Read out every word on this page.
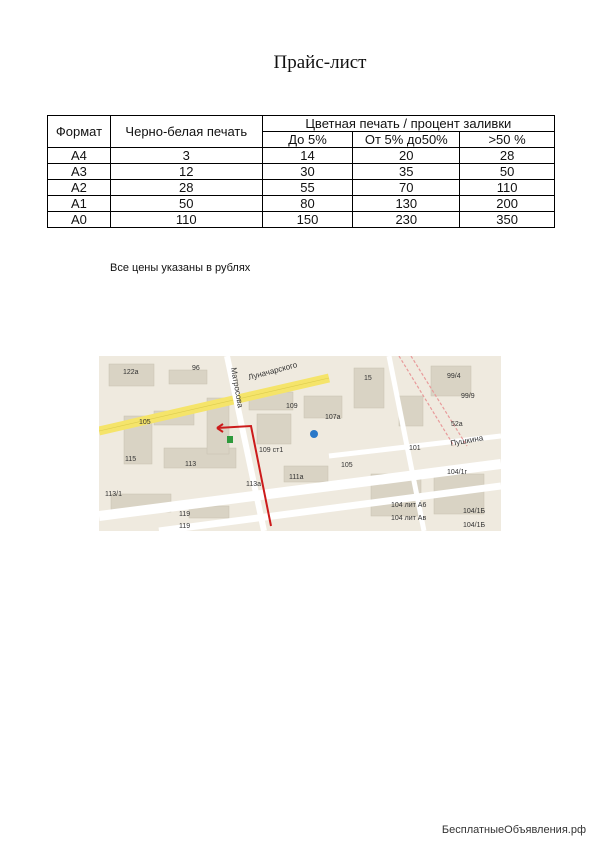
Прайс-лист
Формат	Черно-белая печать	Цветная печать / процент заливки		
		До 5%	От 5% до50%	>50 %
A4	3	14	20	28
A3	12	30	35	50
A2	28	55	70	110
A1	50	80	130	200
A0	110	150	230	350
Все цены указаны в рублях
Луначарского
Матросова
Пушкина
122а
96
15	99/4
99/9
109
107а
105
115
113
109 ст1
105
101
52а
104/1г
111а
113а
113/1
119
119
104 лит А6
104 лит Ав
104/1Б
104/1Б
БесплатныеОбъявления.рф
